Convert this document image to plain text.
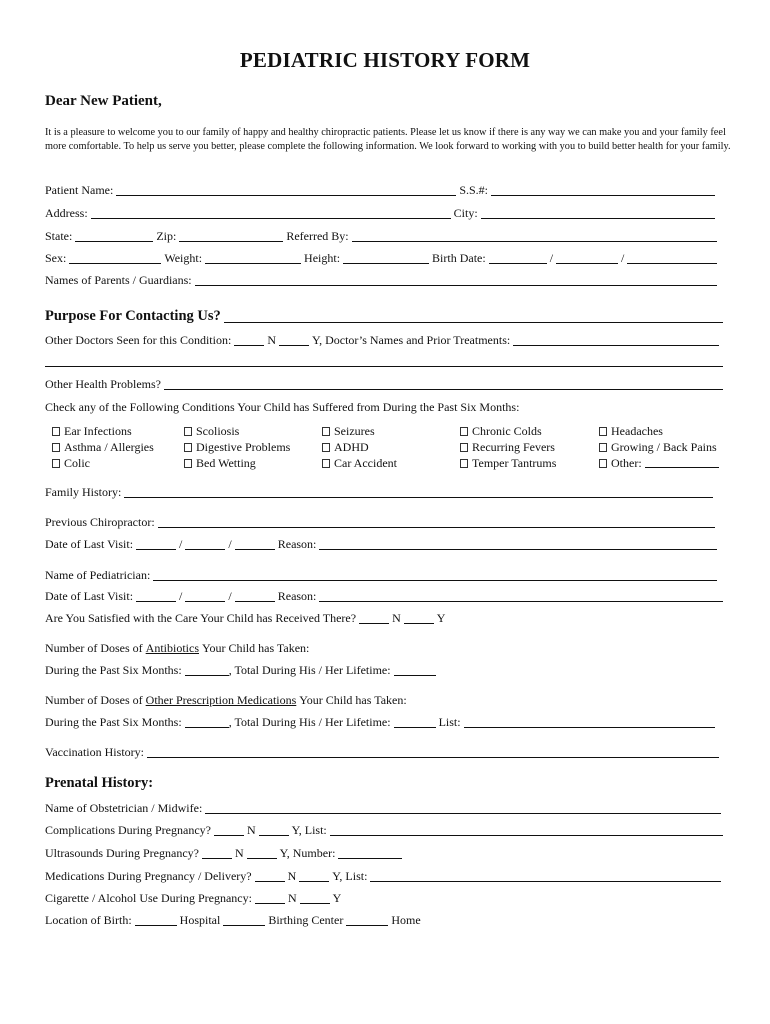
PEDIATRIC HISTORY FORM
Dear New Patient,
It is a pleasure to welcome you to our family of happy and healthy chiropractic patients. Please let us know if there is any way we can make you and your family feel more comfortable. To help us serve you better, please complete the following information. We look forward to working with you to build better health for your family.
Patient Name:	S.S.#:
Address:	City:
State:	Zip:	Referred By:
Sex:	Weight:	Height:	Birth Date:	/	/
Names of Parents / Guardians:
Purpose For Contacting Us?
Other Doctors Seen for this Condition:	N	Y, Doctor’s Names and Prior Treatments:
Other Health Problems?
Check any of the Following Conditions Your Child has Suffered from During the Past Six Months:
Ear Infections	Scoliosis	Seizures	Chronic Colds	Headaches
Asthma / Allergies	Digestive Problems	ADHD	Recurring Fevers	Growing / Back Pains
Colic	Bed Wetting	Car Accident	Temper Tantrums	Other:
Family History:
Previous Chiropractor:
Date of Last Visit:	/	/	Reason:
Name of Pediatrician:
Date of Last Visit:	/	/	Reason:
Are You Satisfied with the Care Your Child has Received There?	N	Y
Number of Doses of
Antibiotics
Your Child has Taken:
During the Past Six Months:	, Total During His / Her Lifetime:
Number of Doses of
Other Prescription Medications
Your Child has Taken:
During the Past Six Months:	, Total During His / Her Lifetime:	List:
Vaccination History:
Prenatal History:
Name of Obstetrician / Midwife:
Complications During Pregnancy?	N	Y, List:
Ultrasounds During Pregnancy?	N	Y, Number:
Medications During Pregnancy / Delivery?	N	Y, List:
Cigarette / Alcohol Use During Pregnancy:	N	Y
Location of Birth:	Hospital	Birthing Center	Home
